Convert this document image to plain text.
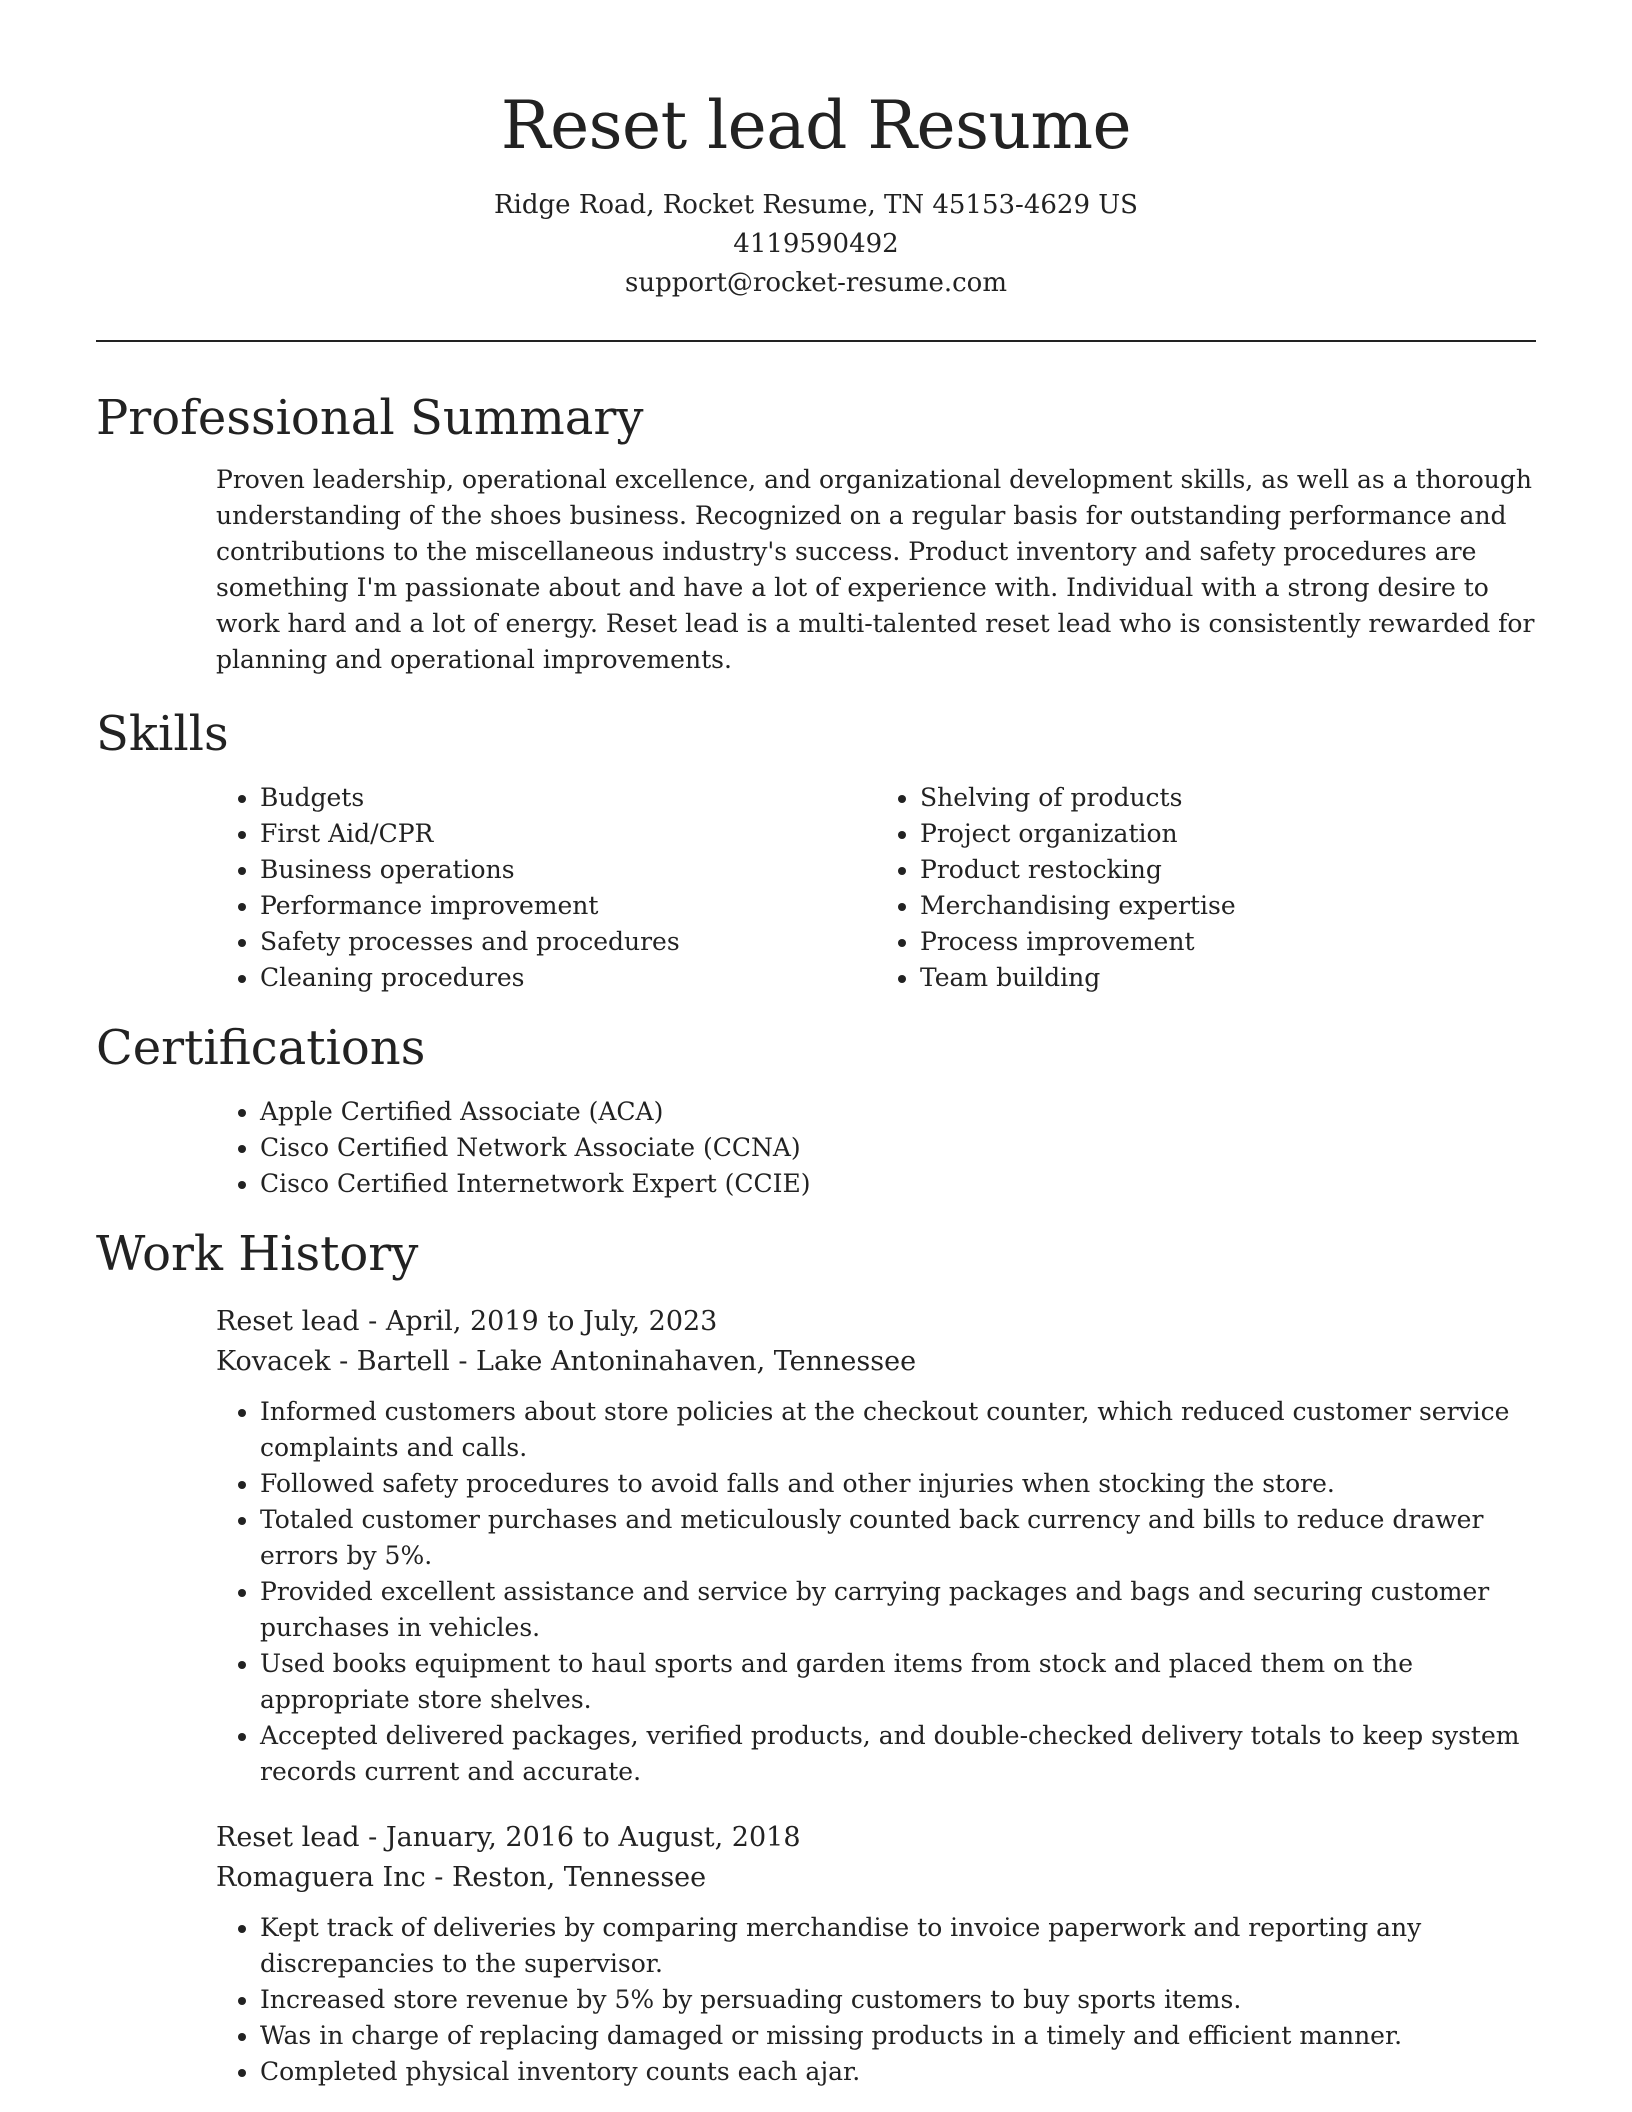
Reset lead Resume
Ridge Road, Rocket Resume, TN 45153-4629 US
4119590492
support@rocket-resume.com
Professional Summary
Proven leadership, operational excellence, and organizational development skills, as well as a thorough understanding of the shoes business. Recognized on a regular basis for outstanding performance and contributions to the miscellaneous industry's success. Product inventory and safety procedures are something I'm passionate about and have a lot of experience with. Individual with a strong desire to work hard and a lot of energy. Reset lead is a multi-talented reset lead who is consistently rewarded for planning and operational improvements.
Skills
• Budgets
• First Aid/CPR
• Business operations
• Performance improvement
• Safety processes and procedures
• Cleaning procedures
• Shelving of products
• Project organization
• Product restocking
• Merchandising expertise
• Process improvement
• Team building
Certifications
• Apple Certified Associate (ACA)
• Cisco Certified Network Associate (CCNA)
• Cisco Certified Internetwork Expert (CCIE)
Work History
Reset lead - April, 2019 to July, 2023
Kovacek - Bartell - Lake Antoninahaven, Tennessee
• Informed customers about store policies at the checkout counter, which reduced customer service complaints and calls.
• Followed safety procedures to avoid falls and other injuries when stocking the store.
• Totaled customer purchases and meticulously counted back currency and bills to reduce drawer errors by 5%.
• Provided excellent assistance and service by carrying packages and bags and securing customer purchases in vehicles.
• Used books equipment to haul sports and garden items from stock and placed them on the appropriate store shelves.
• Accepted delivered packages, verified products, and double-checked delivery totals to keep system records current and accurate.
Reset lead - January, 2016 to August, 2018
Romaguera Inc - Reston, Tennessee
• Kept track of deliveries by comparing merchandise to invoice paperwork and reporting any discrepancies to the supervisor.
• Increased store revenue by 5% by persuading customers to buy sports items.
• Was in charge of replacing damaged or missing products in a timely and efficient manner.
• Completed physical inventory counts each ajar.
